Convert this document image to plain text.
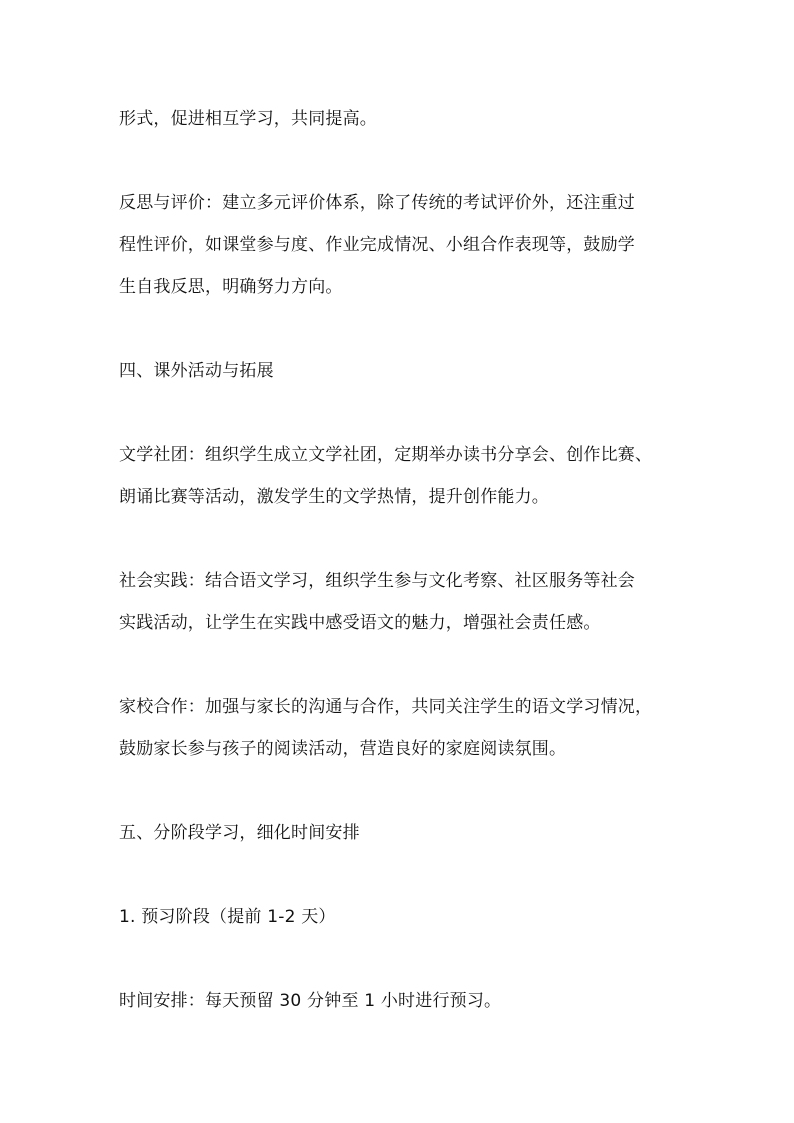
形式，促进相互学习，共同提高。

反思与评价：建立多元评价体系，除了传统的考试评价外，还注重过
程性评价，如课堂参与度、作业完成情况、小组合作表现等，鼓励学
生自我反思，明确努力方向。

四、课外活动与拓展

文学社团：组织学生成立文学社团，定期举办读书分享会、创作比赛、
朗诵比赛等活动，激发学生的文学热情，提升创作能力。

社会实践：结合语文学习，组织学生参与文化考察、社区服务等社会
实践活动，让学生在实践中感受语文的魅力，增强社会责任感。

家校合作：加强与家长的沟通与合作，共同关注学生的语文学习情况，
鼓励家长参与孩子的阅读活动，营造良好的家庭阅读氛围。

五、分阶段学习，细化时间安排

1. 预习阶段（提前 1-2 天）

时间安排：每天预留 30 分钟至 1 小时进行预习。
